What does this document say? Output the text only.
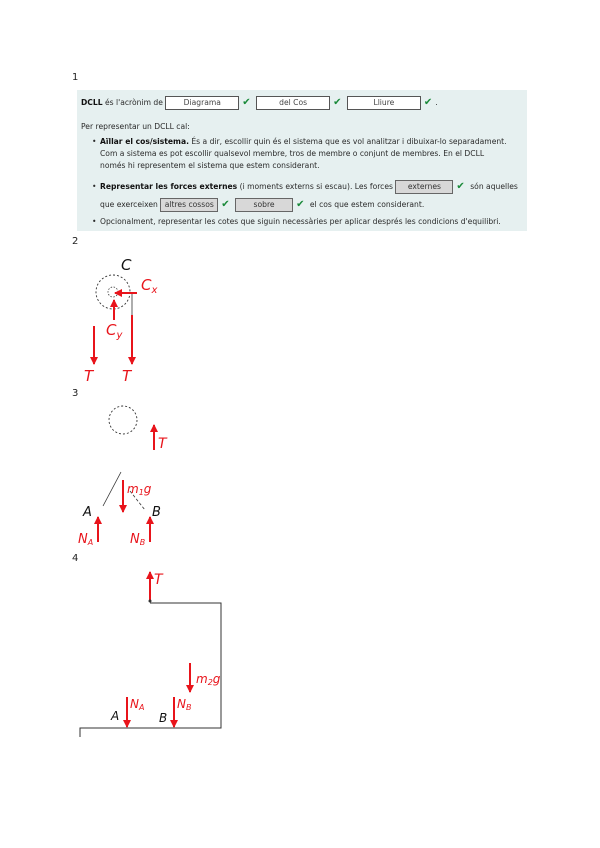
1
2
3
4
DCLL és l'acrònim de Diagrama ✔	del Cos	✔	Lliure	✔ .
Per representar un DCLL cal:
• Aïllar el cos/sistema. És a dir, escollir quin és el sistema que es vol analitzar i dibuixar-lo separadament.
Com a sistema es pot escollir qualsevol membre, tros de membre o conjunt de membres. En el DCLL
només hi representem el sistema que estem considerant.
• Representar les forces externes (i moments externs si escau). Les forces externes ✔ són aquelles
que exerceixen altres cossos ✔	sobre ✔ el cos que estem considerant.
• Opcionalment, representar les cotes que siguin necessàries per aplicar després les condicions d'equilibri.
C
$C_x$
$C_y$
T T
T
m1g
A	B
NA	NB
T
m2g
NA	NB
A	B
